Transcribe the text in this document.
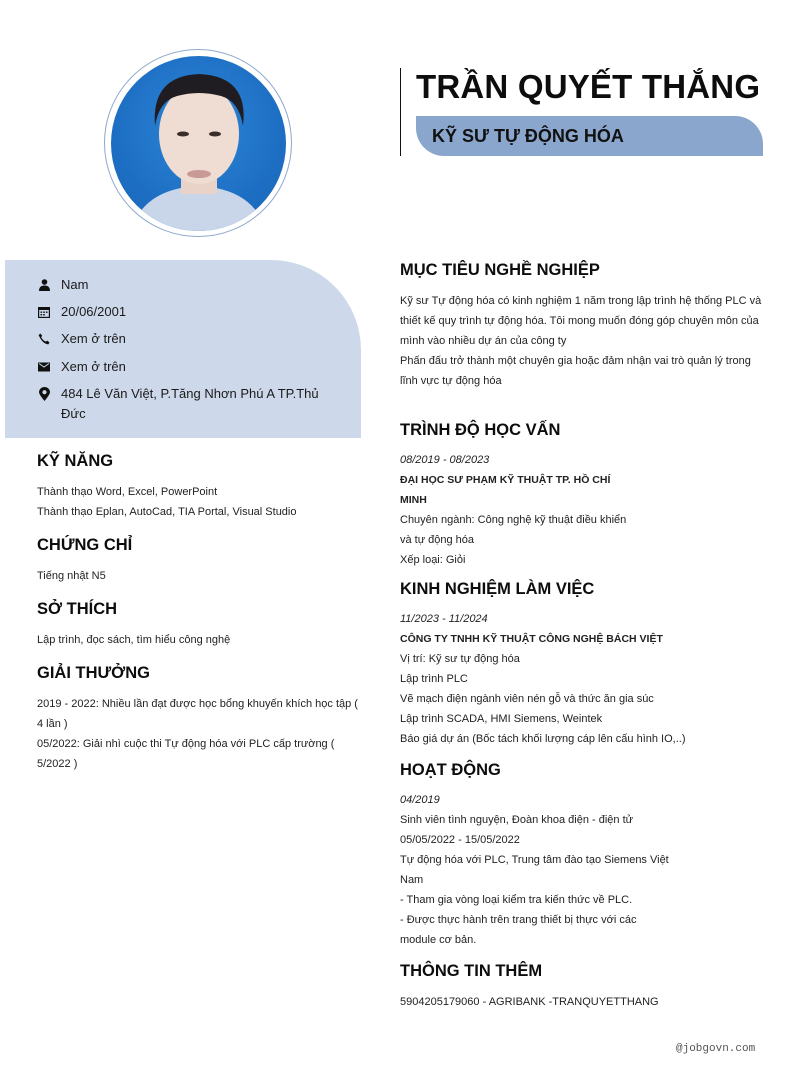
TRẦN QUYẾT THẮNG
KỸ SƯ TỰ ĐỘNG HÓA
Nam
20/06/2001
Xem ở trên
Xem ở trên
484 Lê Văn Việt, P.Tăng Nhơn Phú A TP.Thủ Đức
KỸ NĂNG
Thành thạo Word, Excel, PowerPoint
Thành thạo Eplan, AutoCad, TIA Portal, Visual Studio
CHỨNG CHỈ
Tiếng nhật N5
SỞ THÍCH
Lập trình, đọc sách, tìm hiểu công nghệ
GIẢI THƯỞNG
2019 - 2022: Nhiều lần đạt được học bổng khuyến khích học tập ( 4 lần )
05/2022: Giải nhì cuộc thi Tự động hóa với PLC cấp trường ( 5/2022 )
MỤC TIÊU NGHỀ NGHIỆP
Kỹ sư Tự động hóa có kinh nghiệm 1 năm trong lập trình hệ thống PLC và thiết kế quy trình tự động hóa. Tôi mong muốn đóng góp chuyên môn của mình vào nhiều dự án của công ty
Phấn đấu trở thành một chuyên gia hoặc đảm nhận vai trò quản lý trong lĩnh vực tự động hóa
TRÌNH ĐỘ HỌC VẤN
08/2019 - 08/2023
ĐẠI HỌC SƯ PHẠM KỸ THUẬT TP. HỒ CHÍ MINH
Chuyên ngành: Công nghệ kỹ thuật điều khiển và tự động hóa
Xếp loại: Giỏi
KINH NGHIỆM LÀM VIỆC
11/2023 - 11/2024
CÔNG TY TNHH KỸ THUẬT CÔNG NGHỆ BÁCH VIỆT
Vị trí: Kỹ sư tự động hóa
Lập trình PLC
Vẽ mạch điện ngành viên nén gỗ và thức ăn gia súc
Lập trình SCADA, HMI Siemens, Weintek
Báo giá dự án (Bốc tách khối lượng cáp lên cấu hình IO,..)
HOẠT ĐỘNG
04/2019
Sinh viên tình nguyện, Đoàn khoa điện - điện tử
05/05/2022 - 15/05/2022
Tự động hóa với PLC, Trung tâm đào tạo Siemens Việt Nam
- Tham gia vòng loại kiểm tra kiến thức về PLC.
- Được thực hành trên trang thiết bị thực với các module cơ bản.
THÔNG TIN THÊM
5904205179060 - AGRIBANK -TRANQUYETTHANG
@jobgovn.com
